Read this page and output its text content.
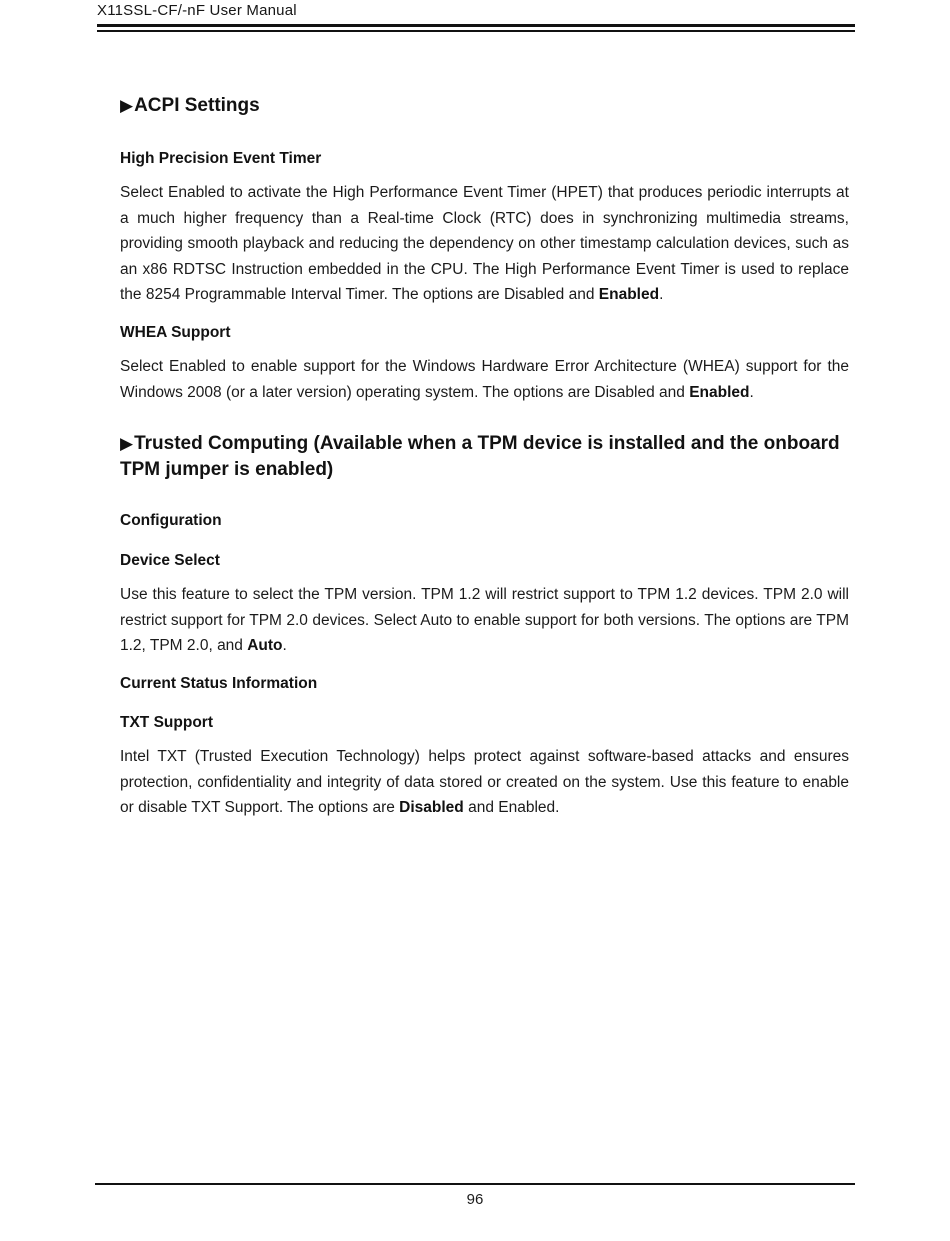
X11SSL-CF/-nF User Manual
▶ACPI Settings
High Precision Event Timer

Select Enabled to activate the High Performance Event Timer (HPET) that produces periodic interrupts at a much higher frequency than a Real-time Clock (RTC) does in synchronizing multimedia streams, providing smooth playback and reducing the dependency on other timestamp calculation devices, such as an x86 RDTSC Instruction embedded in the CPU. The High Performance Event Timer is used to replace the 8254 Programmable Interval Timer. The options are Disabled and Enabled.

WHEA Support

Select Enabled to enable support for the Windows Hardware Error Architecture (WHEA) support for the Windows 2008 (or a later version) operating system. The options are Disabled and Enabled.

▶Trusted Computing (Available when a TPM device is installed and the onboard TPM jumper is enabled)
Configuration
Device Select

Use this feature to select the TPM version. TPM 1.2 will restrict support to TPM 1.2 devices. TPM 2.0 will restrict support for TPM 2.0 devices. Select Auto to enable support for both versions. The options are TPM 1.2, TPM 2.0, and Auto.

Current Status Information
TXT Support

Intel TXT (Trusted Execution Technology) helps protect against software-based attacks and ensures protection, confidentiality and integrity of data stored or created on the system. Use this feature to enable or disable TXT Support. The options are Disabled and Enabled.

96
